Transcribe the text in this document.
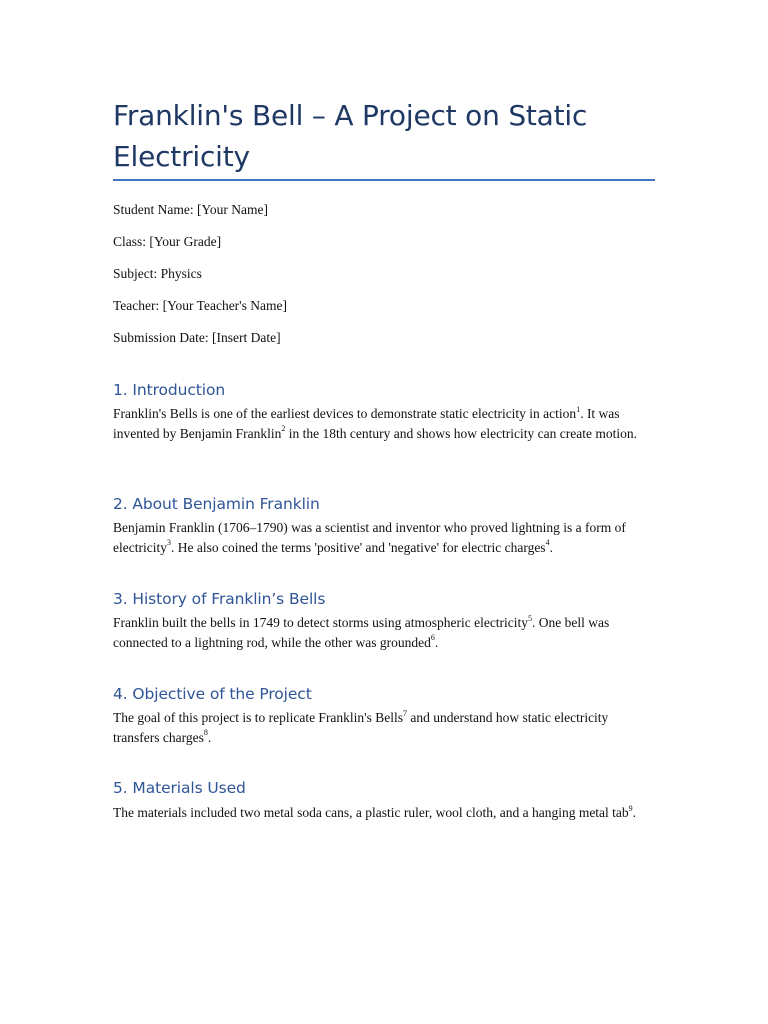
Franklin's Bell – A Project on Static Electricity

Student Name: [Your Name]

Class: [Your Grade]

Subject: Physics

Teacher: [Your Teacher's Name]

Submission Date: [Insert Date]

1. Introduction

Franklin's Bells is one of the earliest devices to demonstrate static electricity in action$^1$. It was invented by Benjamin Franklin$^2$ in the 18th century and shows how electricity can create motion.

2. About Benjamin Franklin

Benjamin Franklin (1706–1790) was a scientist and inventor who proved lightning is a form of electricity$^3$. He also coined the terms 'positive' and 'negative' for electric charges$^4$.

3. History of Franklin’s Bells

Franklin built the bells in 1749 to detect storms using atmospheric electricity$^5$. One bell was connected to a lightning rod, while the other was grounded$^6$.

4. Objective of the Project

The goal of this project is to replicate Franklin's Bells$^7$ and understand how static electricity transfers charges$^8$.

5. Materials Used

The materials included two metal soda cans, a plastic ruler, wool cloth, and a hanging metal tab$^9$.
